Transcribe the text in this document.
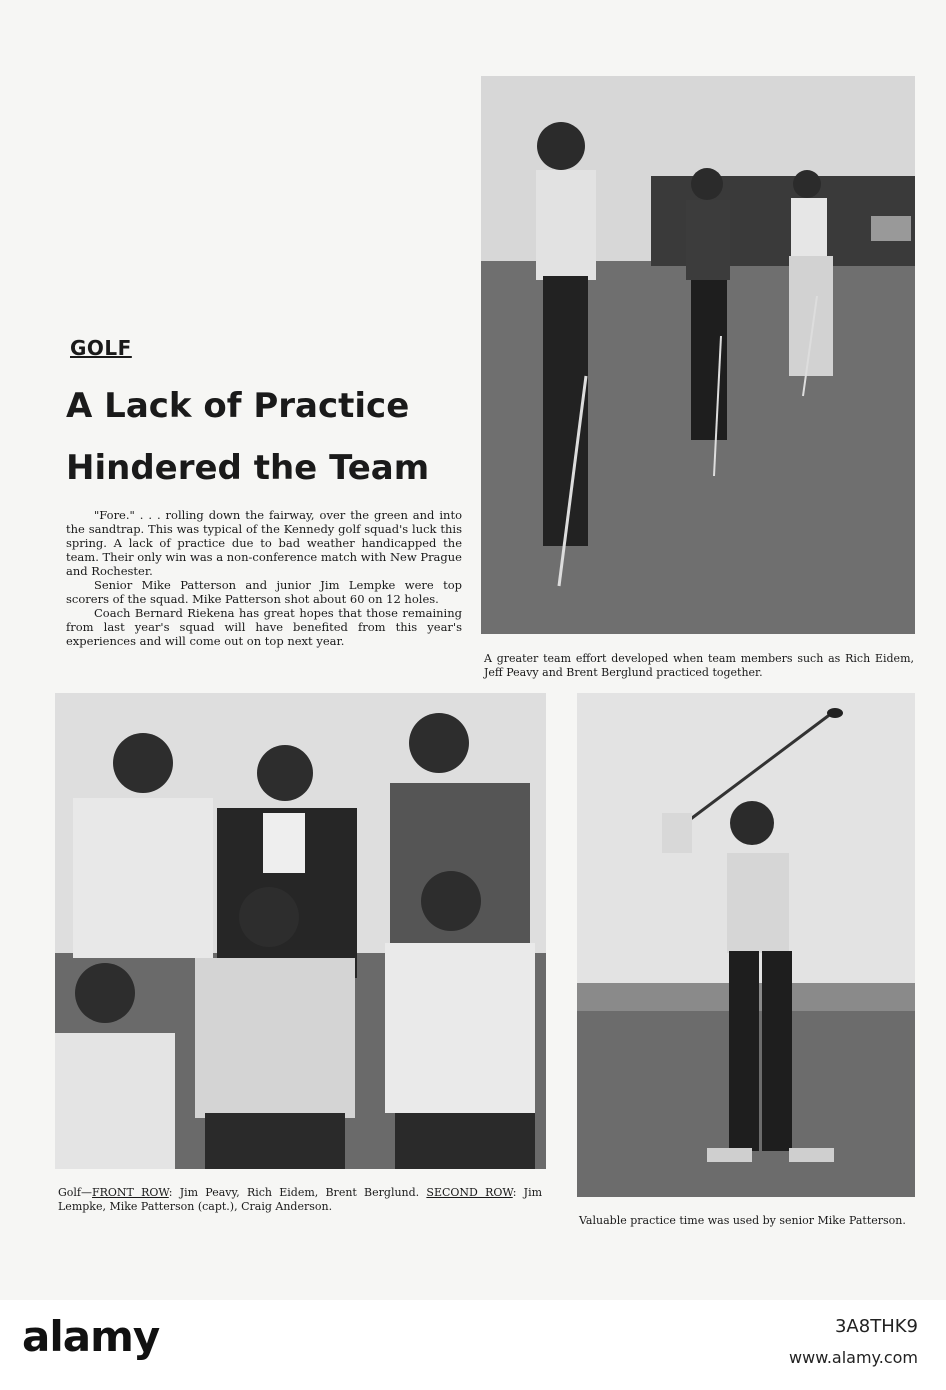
GOLF
A Lack of Practice
Hindered the Team

"Fore." . . . rolling down the fairway, over the green and into the sandtrap. This was typical of the Kennedy golf squad's luck this spring. A lack of practice due to bad weather handicapped the team. Their only win was a non-conference match with New Prague and Rochester.

Senior Mike Patterson and junior Jim Lempke were top scorers of the squad. Mike Patterson shot about 60 on 12 holes.

Coach Bernard Riekena has great hopes that those remaining from last year's squad will have benefited from this year's experiences and will come out on top next year.

A greater team effort developed when team members such as Rich Eidem, Jeff Peavy and Brent Berglund practiced together.
Golf—FRONT ROW: Jim Peavy, Rich Eidem, Brent Berglund. SECOND ROW: Jim Lempke, Mike Patterson (capt.), Craig Anderson.
Valuable practice time was used by senior Mike Patterson.
alamy	3A8THK9
www.alamy.com
